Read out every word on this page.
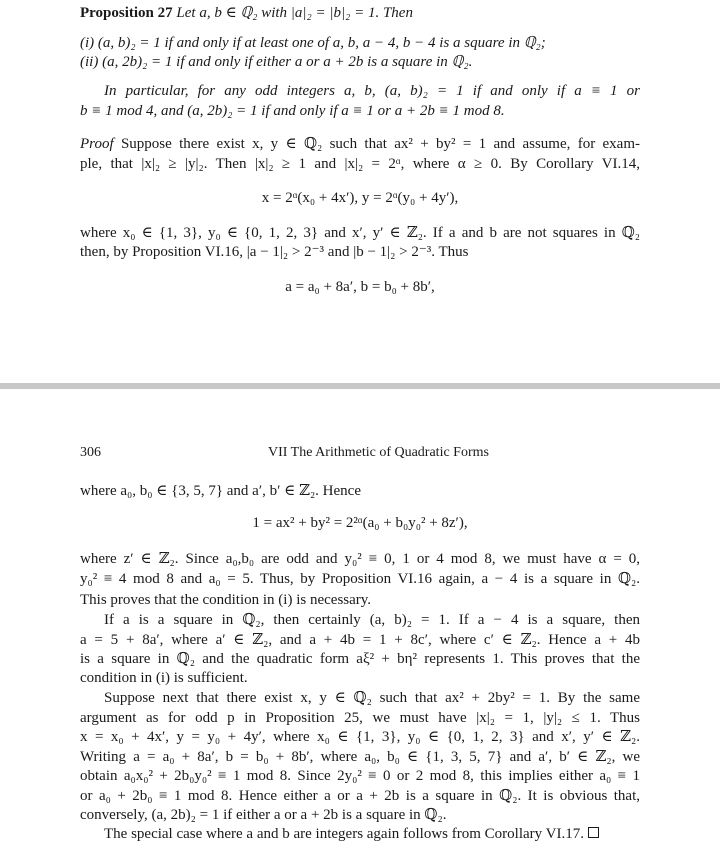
Proposition 27 Let a, b ∈ ℚ₂ with |a|₂ = |b|₂ = 1. Then
(i) (a, b)₂ = 1 if and only if at least one of a, b, a − 4, b − 4 is a square in ℚ₂;
(ii) (a, 2b)₂ = 1 if and only if either a or a + 2b is a square in ℚ₂.
In particular, for any odd integers a, b, (a, b)₂ = 1 if and only if a ≡ 1 or
b ≡ 1 mod 4, and (a, 2b)₂ = 1 if and only if a ≡ 1 or a + 2b ≡ 1 mod 8.
Proof Suppose there exist x, y ∈ ℚ₂ such that ax² + by² = 1 and assume, for exam-
ple, that |x|₂ ≥ |y|₂. Then |x|₂ ≥ 1 and |x|₂ = 2ᵅ, where α ≥ 0. By Corollary VI.14,
x = 2ᵅ(x₀ + 4x′), y = 2ᵅ(y₀ + 4y′),
where x₀ ∈ {1, 3}, y₀ ∈ {0, 1, 2, 3} and x′, y′ ∈ ℤ₂. If a and b are not squares in ℚ₂
then, by Proposition VI.16, |a − 1|₂ > 2⁻³ and |b − 1|₂ > 2⁻³. Thus
a = a₀ + 8a′, b = b₀ + 8b′,
306	VII The Arithmetic of Quadratic Forms
where a₀, b₀ ∈ {3, 5, 7} and a′, b′ ∈ ℤ₂. Hence
1 = ax² + by² = 2²ᵅ(a₀ + b₀y₀² + 8z′),
where z′ ∈ ℤ₂. Since a₀,b₀ are odd and y₀² ≡ 0, 1 or 4 mod 8, we must have α = 0,
y₀² ≡ 4 mod 8 and a₀ = 5. Thus, by Proposition VI.16 again, a − 4 is a square in ℚ₂.
This proves that the condition in (i) is necessary.
If a is a square in ℚ₂, then certainly (a, b)₂ = 1. If a − 4 is a square, then
a = 5 + 8a′, where a′ ∈ ℤ₂, and a + 4b = 1 + 8c′, where c′ ∈ ℤ₂. Hence a + 4b
is a square in ℚ₂ and the quadratic form aξ² + bη² represents 1. This proves that the
condition in (i) is sufficient.
Suppose next that there exist x, y ∈ ℚ₂ such that ax² + 2by² = 1. By the same
argument as for odd p in Proposition 25, we must have |x|₂ = 1, |y|₂ ≤ 1. Thus
x = x₀ + 4x′, y = y₀ + 4y′, where x₀ ∈ {1, 3}, y₀ ∈ {0, 1, 2, 3} and x′, y′ ∈ ℤ₂.
Writing a = a₀ + 8a′, b = b₀ + 8b′, where a₀, b₀ ∈ {1, 3, 5, 7} and a′, b′ ∈ ℤ₂, we
obtain a₀x₀² + 2b₀y₀² ≡ 1 mod 8. Since 2y₀² ≡ 0 or 2 mod 8, this implies either a₀ ≡ 1
or a₀ + 2b₀ ≡ 1 mod 8. Hence either a or a + 2b is a square in ℚ₂. It is obvious that,
conversely, (a, 2b)₂ = 1 if either a or a + 2b is a square in ℚ₂.
The special case where a and b are integers again follows from Corollary VI.17.
